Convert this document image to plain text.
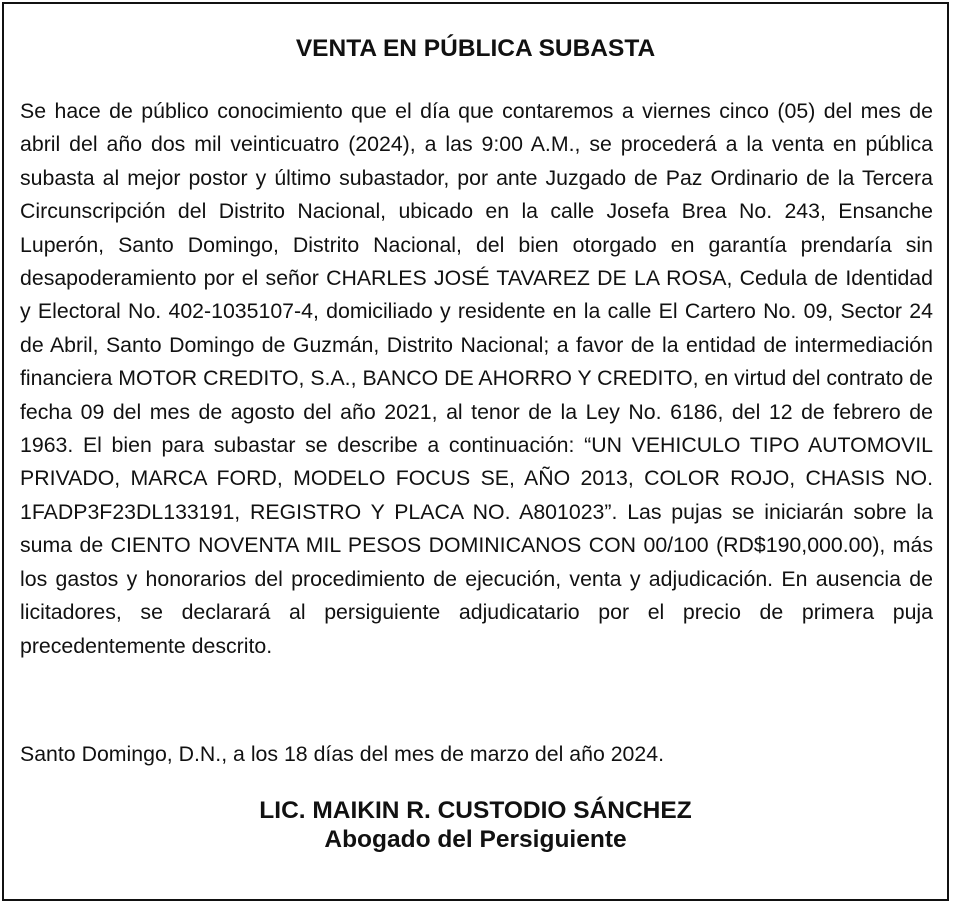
VENTA EN PÚBLICA SUBASTA

Se hace de público conocimiento que el día que contaremos a viernes cinco (05) del mes de abril del año dos mil veinticuatro (2024), a las 9:00 A.M., se procederá a la venta en pública subasta al mejor postor y último subastador, por ante Juzgado de Paz Ordinario de la Tercera Circunscripción del Distrito Nacional, ubicado en la calle Josefa Brea No. 243, Ensanche Luperón, Santo Domingo, Distrito Nacional, del bien otorgado en garantía prendaría sin desapoderamiento por el señor CHARLES JOSÉ TAVAREZ DE LA ROSA, Cedula de Identidad y Electoral No. 402-1035107-4, domiciliado y residente en la calle El Cartero No. 09, Sector 24 de Abril, Santo Domingo de Guzmán, Distrito Nacional; a favor de la entidad de intermediación financiera MOTOR CREDITO, S.A., BANCO DE AHORRO Y CREDITO, en virtud del contrato de fecha 09 del mes de agosto del año 2021, al tenor de la Ley No. 6186, del 12 de febrero de 1963. El bien para subastar se describe a continuación: “UN VEHICULO TIPO AUTOMOVIL PRIVADO, MARCA FORD, MODELO FOCUS SE, AÑO 2013, COLOR ROJO, CHASIS NO. 1FADP3F23DL133191, REGISTRO Y PLACA NO. A801023”. Las pujas se iniciarán sobre la suma de CIENTO NOVENTA MIL PESOS DOMINICANOS CON 00/100 (RD$190,000.00), más los gastos y honorarios del procedimiento de ejecución, venta y adjudicación. En ausencia de licitadores, se declarará al persiguiente adjudicatario por el precio de primera puja precedentemente descrito.

Santo Domingo, D.N., a los 18 días del mes de marzo del año 2024.

LIC. MAIKIN R. CUSTODIO SÁNCHEZ
Abogado del Persiguiente
